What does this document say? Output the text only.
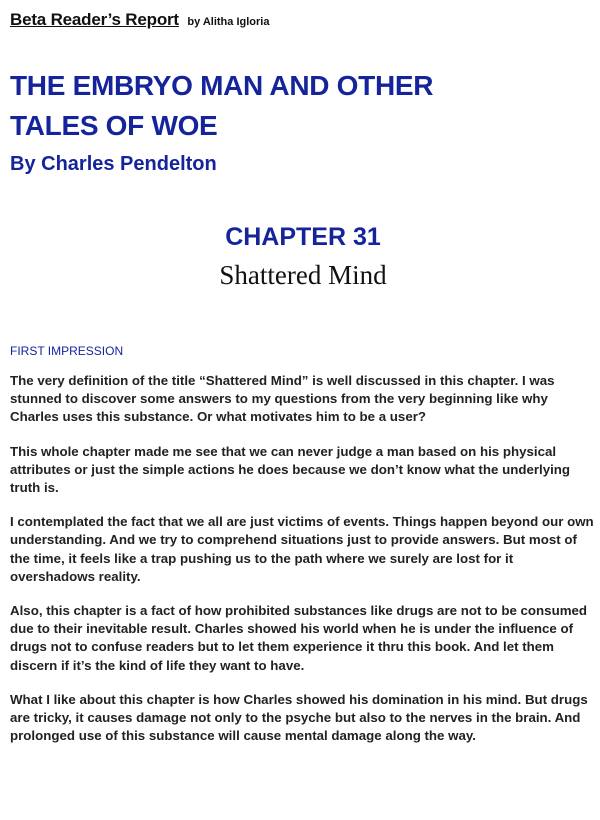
Beta Reader’s Report by Alitha Igloria
THE EMBRYO MAN AND OTHER TALES OF WOE
By Charles Pendelton
CHAPTER 31
Shattered Mind
FIRST IMPRESSION

The very definition of the title “Shattered Mind” is well discussed in this chapter. I was stunned to discover some answers to my questions from the very beginning like why Charles uses this substance. Or what motivates him to be a user?

This whole chapter made me see that we can never judge a man based on his physical attributes or just the simple actions he does because we don’t know what the underlying truth is.

I contemplated the fact that we all are just victims of events. Things happen beyond our own understanding. And we try to comprehend situations just to provide answers. But most of the time, it feels like a trap pushing us to the path where we surely are lost for it overshadows reality.

Also, this chapter is a fact of how prohibited substances like drugs are not to be consumed due to their inevitable result. Charles showed his world when he is under the influence of drugs not to confuse readers but to let them experience it thru this book. And let them discern if it’s the kind of life they want to have.

What I like about this chapter is how Charles showed his domination in his mind. But drugs are tricky, it causes damage not only to the psyche but also to the nerves in the brain. And prolonged use of this substance will cause mental damage along the way.
